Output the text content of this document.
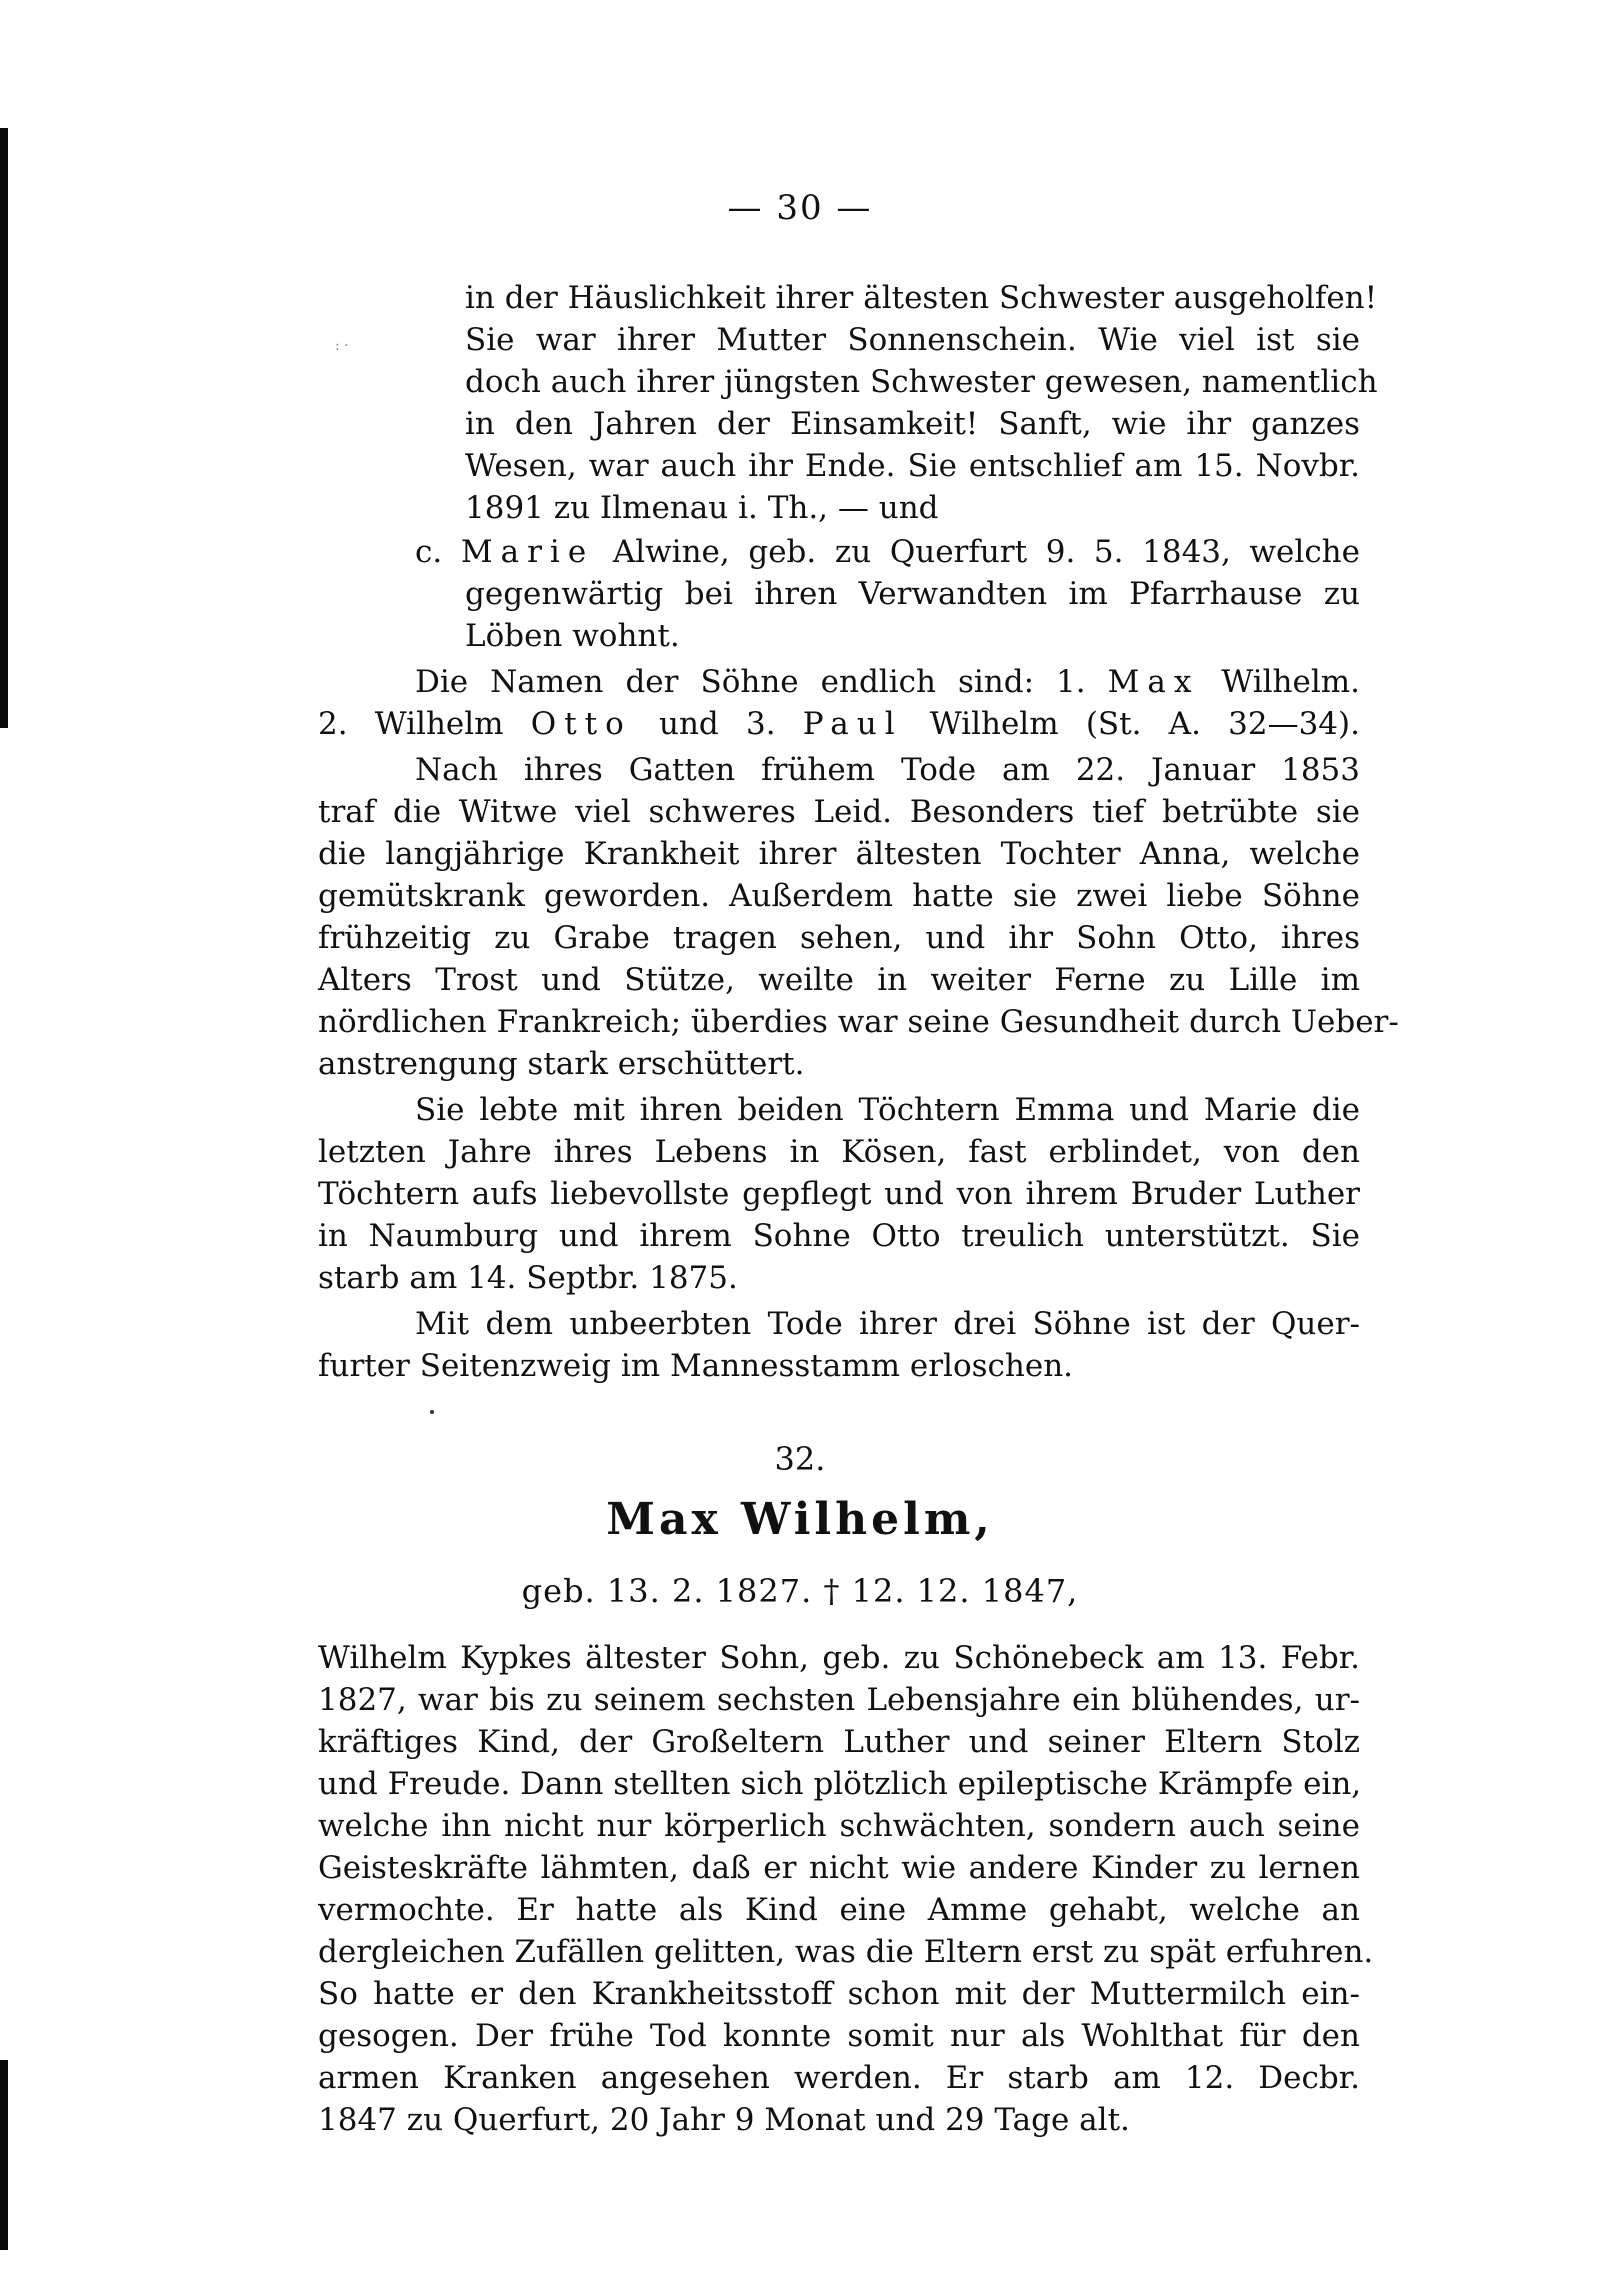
— 30 —
: ·
in der Häuslichkeit ihrer ältesten Schwester ausgeholfen!
Sie war ihrer Mutter Sonnenschein. Wie viel ist sie
doch auch ihrer jüngsten Schwester gewesen, namentlich
in den Jahren der Einsamkeit! Sanft, wie ihr ganzes
Wesen, war auch ihr Ende. Sie entschlief am 15. Novbr.
1891 zu Ilmenau i. Th., — und
c. Marie Alwine, geb. zu Querfurt 9. 5. 1843, welche
gegenwärtig bei ihren Verwandten im Pfarrhause zu
Löben wohnt.
Die Namen der Söhne endlich sind: 1. Max Wilhelm.
2. Wilhelm Otto und 3. Paul Wilhelm (St. A. 32—34).
Nach ihres Gatten frühem Tode am 22. Januar 1853
traf die Witwe viel schweres Leid. Besonders tief betrübte sie
die langjährige Krankheit ihrer ältesten Tochter Anna, welche
gemütskrank geworden. Außerdem hatte sie zwei liebe Söhne
frühzeitig zu Grabe tragen sehen, und ihr Sohn Otto, ihres
Alters Trost und Stütze, weilte in weiter Ferne zu Lille im
nördlichen Frankreich; überdies war seine Gesundheit durch Ueber-
anstrengung stark erschüttert.
Sie lebte mit ihren beiden Töchtern Emma und Marie die
letzten Jahre ihres Lebens in Kösen, fast erblindet, von den
Töchtern aufs liebevollste gepflegt und von ihrem Bruder Luther
in Naumburg und ihrem Sohne Otto treulich unterstützt. Sie
starb am 14. Septbr. 1875.
Mit dem unbeerbten Tode ihrer drei Söhne ist der Quer-
furter Seitenzweig im Mannesstamm erloschen.
32.
Max Wilhelm,
geb. 13. 2. 1827. † 12. 12. 1847,
Wilhelm Kypkes ältester Sohn, geb. zu Schönebeck am 13. Febr.
1827, war bis zu seinem sechsten Lebensjahre ein blühendes, ur-
kräftiges Kind, der Großeltern Luther und seiner Eltern Stolz
und Freude. Dann stellten sich plötzlich epileptische Krämpfe ein,
welche ihn nicht nur körperlich schwächten, sondern auch seine
Geisteskräfte lähmten, daß er nicht wie andere Kinder zu lernen
vermochte. Er hatte als Kind eine Amme gehabt, welche an
dergleichen Zufällen gelitten, was die Eltern erst zu spät erfuhren.
So hatte er den Krankheitsstoff schon mit der Muttermilch ein-
gesogen. Der frühe Tod konnte somit nur als Wohlthat für den
armen Kranken angesehen werden. Er starb am 12. Decbr.
1847 zu Querfurt, 20 Jahr 9 Monat und 29 Tage alt.
